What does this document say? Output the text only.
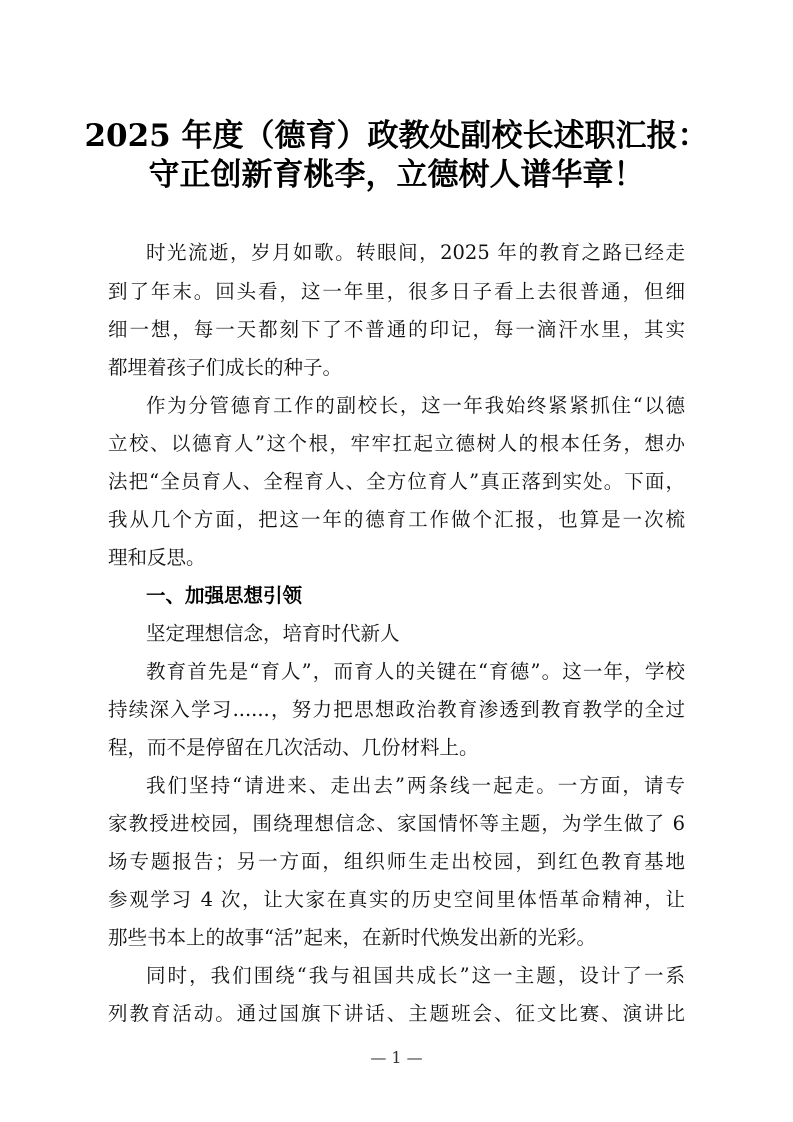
2025 年度（德育）政教处副校长述职汇报：
守正创新育桃李，立德树人谱华章！
时光流逝，岁月如歌。转眼间，2025 年的教育之路已经走
到了年末。回头看，这一年里，很多日子看上去很普通，但细
细一想，每一天都刻下了不普通的印记，每一滴汗水里，其实
都埋着孩子们成长的种子。
作为分管德育工作的副校长，这一年我始终紧紧抓住“以德
立校、以德育人”这个根，牢牢扛起立德树人的根本任务，想办
法把“全员育人、全程育人、全方位育人”真正落到实处。下面，
我从几个方面，把这一年的德育工作做个汇报，也算是一次梳
理和反思。
一、加强思想引领
坚定理想信念，培育时代新人
教育首先是“育人”，而育人的关键在“育德”。这一年，学校
持续深入学习......，努力把思想政治教育渗透到教育教学的全过
程，而不是停留在几次活动、几份材料上。
我们坚持“请进来、走出去”两条线一起走。一方面，请专
家教授进校园，围绕理想信念、家国情怀等主题，为学生做了 6
场专题报告；另一方面，组织师生走出校园，到红色教育基地
参观学习 4 次，让大家在真实的历史空间里体悟革命精神，让
那些书本上的故事“活”起来，在新时代焕发出新的光彩。
同时，我们围绕“我与祖国共成长”这一主题，设计了一系
列教育活动。通过国旗下讲话、主题班会、征文比赛、演讲比
— 1 —
